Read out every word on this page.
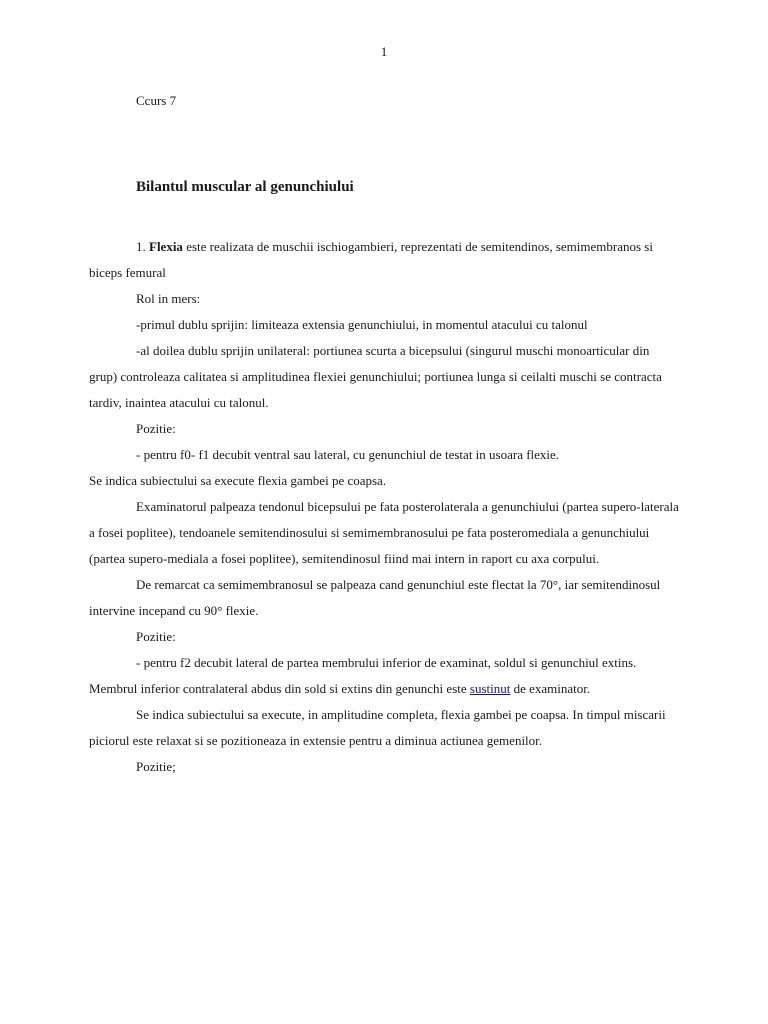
1
Ccurs 7
Bilantul muscular al genunchiului

1. Flexia este realizata de muschii ischiogambieri, reprezentati de semitendinos, semimembranos si biceps femural

Rol in mers:

-primul dublu sprijin: limiteaza extensia genunchiului, in momentul atacului cu talonul

-al doilea dublu sprijin unilateral: portiunea scurta a bicepsului (singurul muschi monoarticular din grup) controleaza calitatea si amplitudinea flexiei genunchiului; portiunea lunga si ceilalti muschi se contracta tardiv, inaintea atacului cu talonul.

Pozitie:

- pentru f0- f1 decubit ventral sau lateral, cu genunchiul de testat in usoara flexie.

Se indica subiectului sa execute flexia gambei pe coapsa.

Examinatorul palpeaza tendonul bicepsului pe fata posterolaterala a genunchiului (partea supero-laterala a fosei poplitee), tendoanele semitendinosului si semimembranosului pe fata posteromediala a genunchiului (partea supero-mediala a fosei poplitee), semitendinosul fiind mai intern in raport cu axa corpului.

De remarcat ca semimembranosul se palpeaza cand genunchiul este flectat la 70°, iar semitendinosul intervine incepand cu 90° flexie.

Pozitie:

- pentru f2 decubit lateral de partea membrului inferior de examinat, soldul si genunchiul extins. Membrul inferior contralateral abdus din sold si extins din genunchi este sustinut de examinator.

Se indica subiectului sa execute, in amplitudine completa, flexia gambei pe coapsa. In timpul miscarii piciorul este relaxat si se pozitioneaza in extensie pentru a diminua actiunea gemenilor.

Pozitie;
